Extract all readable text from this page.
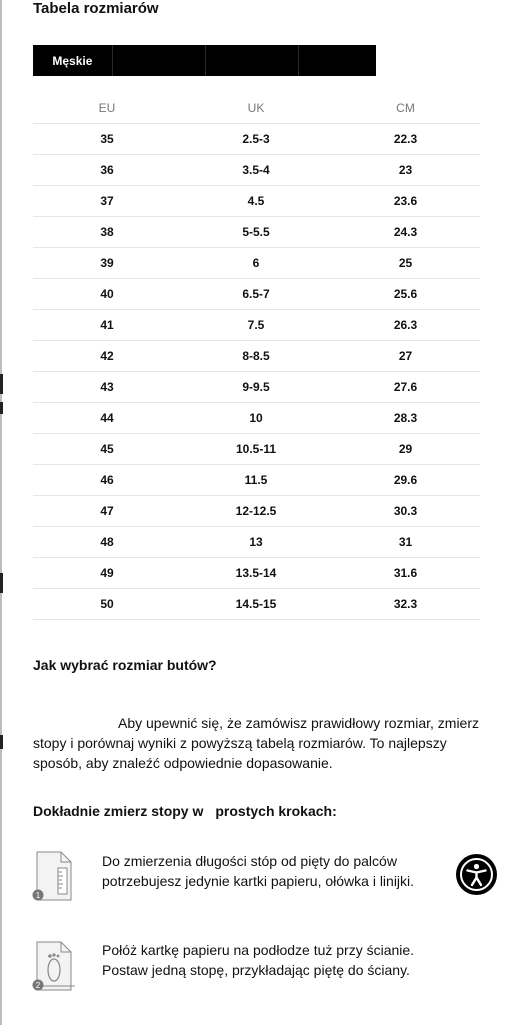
Tabela rozmiarów
Męskie
EU	UK	CM
35	2.5-3	22.3
36	3.5-4	23
37	4.5	23.6
38	5-5.5	24.3
39	6	25
40	6.5-7	25.6
41	7.5	26.3
42	8-8.5	27
43	9-9.5	27.6
44	10	28.3
45	10.5-11	29
46	11.5	29.6
47	12-12.5	30.3
48	13	31
49	13.5-14	31.6
50	14.5-15	32.3
Jak wybrać rozmiar butów?
Aby upewnić się, że zamówisz prawidłowy rozmiar, zmierz stopy i porównaj wyniki z powyższą tabelą rozmiarów. To najlepszy sposób, aby znaleźć odpowiednie dopasowanie.
Dokładnie zmierz stopy w prostych krokach:
1
Do zmierzenia długości stóp od pięty do palców potrzebujesz jedynie kartki papieru, ołówka i linijki.
2
Połóż kartkę papieru na podłodze tuż przy ścianie. Postaw jedną stopę, przykładając piętę do ściany.
